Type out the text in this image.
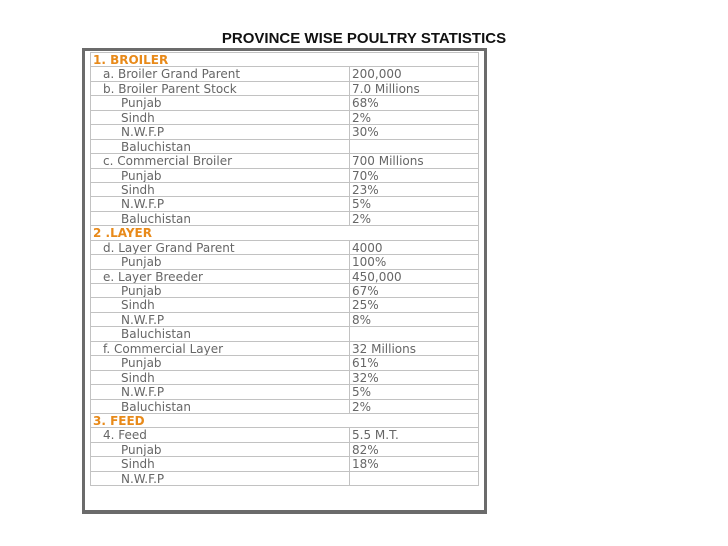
PROVINCE WISE POULTRY STATISTICS
1. BROILER
a. Broiler Grand Parent	200,000
b. Broiler Parent Stock	7.0 Millions
Punjab	68%
Sindh	2%
N.W.F.P	30%
Baluchistan
c. Commercial Broiler	700 Millions
Punjab	70%
Sindh	23%
N.W.F.P	5%
Baluchistan	2%
2 .LAYER
d. Layer Grand Parent	4000
Punjab	100%
e. Layer Breeder	450,000
Punjab	67%
Sindh	25%
N.W.F.P	8%
Baluchistan
f. Commercial Layer	32 Millions
Punjab	61%
Sindh	32%
N.W.F.P	5%
Baluchistan	2%
3. FEED
4. Feed	5.5 M.T.
Punjab	82%
Sindh	18%
N.W.F.P
